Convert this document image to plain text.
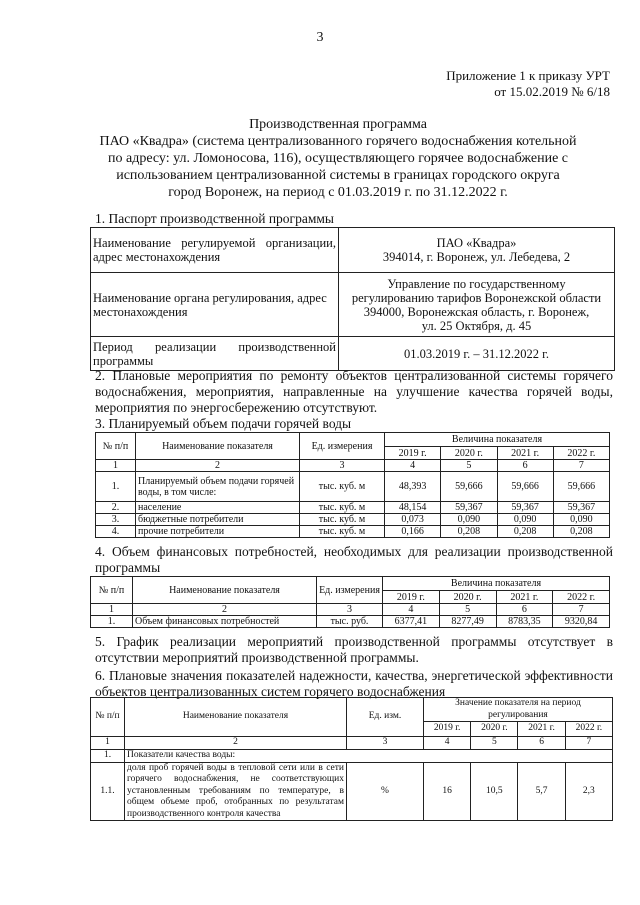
3
Приложение 1 к приказу УРТ
от 15.02.2019 № 6/18
Производственная программа
ПАО «Квадра» (система централизованного горячего водоснабжения котельной
по адресу: ул. Ломоносова, 116), осуществляющего горячее водоснабжение с
использованием централизованной системы в границах городского округа
город Воронеж, на период с 01.03.2019 г. по 31.12.2022 г.
1. Паспорт производственной программы
Наименование регулируемой организации, адрес местонахождения	ПАО «Квадра»
394014, г. Воронеж, ул. Лебедева, 2

Наименование органа регулирования, адрес местонахождения	Управление по государственному
регулированию тарифов Воронежской области
394000, Воронежская область, г. Воронеж,
ул. 25 Октября, д. 45

Период реализации производственной программы	01.03.2019 г. – 31.12.2022 г.
2. Плановые мероприятия по ремонту объектов централизованной системы горячего водоснабжения, мероприятия, направленные на улучшение качества горячей воды, мероприятия по энергосбережению отсутствуют.
3. Планируемый объем подачи горячей воды
№ п/п	Наименование показателя	Ед. измерения	Величина показателя			
			2019 г.	2020 г.	2021 г.	2022 г.
1	2	3	4	5	6	7
1.	Планируемый объем подачи горячей воды, в том числе:	тыс. куб. м	48,393	59,666	59,666	59,666
2.	население	тыс. куб. м	48,154	59,367	59,367	59,367
3.	бюджетные потребители	тыс. куб. м	0,073	0,090	0,090	0,090
4.	прочие потребители	тыс. куб. м	0,166	0,208	0,208	0,208
4. Объем финансовых потребностей, необходимых для реализации производственной программы
№ п/п	Наименование показателя	Ед. измерения	Величина показателя			
			2019 г.	2020 г.	2021 г.	2022 г.
1	2	3	4	5	6	7
1.	Объем финансовых потребностей	тыс. руб.	6377,41	8277,49	8783,35	9320,84
5. График реализации мероприятий производственной программы отсутствует в отсутствии мероприятий производственной программы.
6. Плановые значения показателей надежности, качества, энергетической эффективности объектов централизованных систем горячего водоснабжения
№ п/п	Наименование показателя	Ед. изм.	Значение показателя на период регулирования			
			2019 г.	2020 г.	2021 г.	2022 г.
1	2	3	4	5	6	7
1.	Показатели качества воды:					
1.1.	доля проб горячей воды в тепловой сети или в сети горячего водоснабжения, не соответствующих установленным требованиям по температуре, в общем объеме проб, отобранных по результатам производственного контроля качества	%	16	10,5	5,7	2,3
